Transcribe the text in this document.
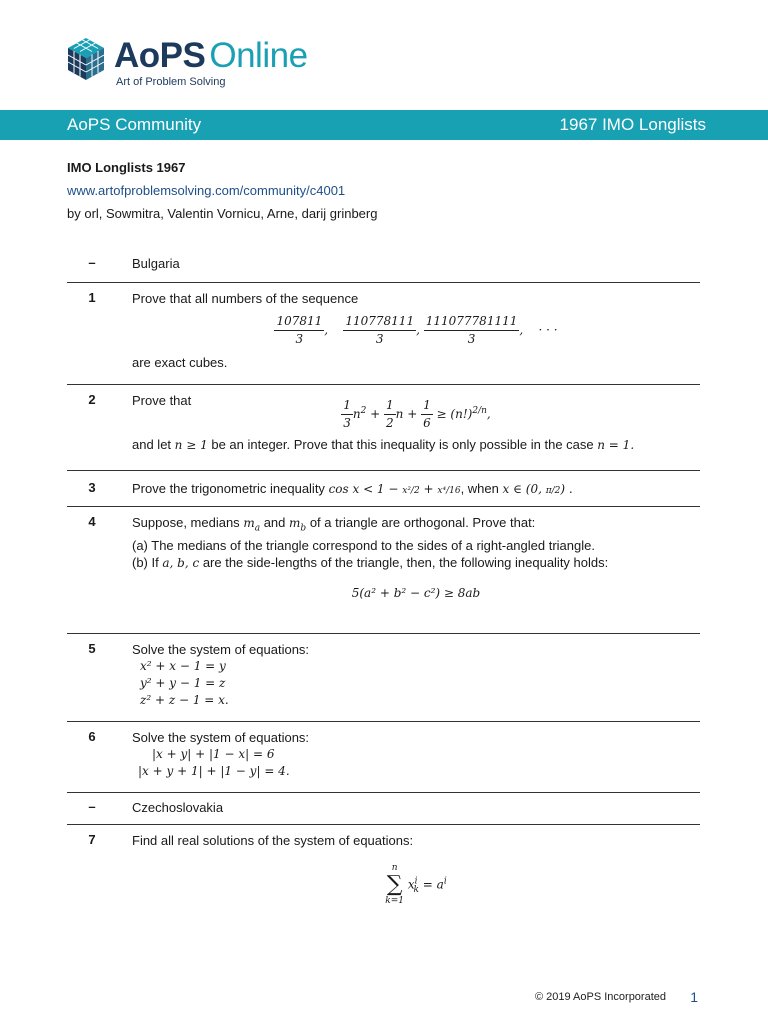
AoPS Online
Art of Problem Solving
AoPS Community	1967 IMO Longlists
IMO Longlists 1967
www.artofproblemsolving.com/community/c4001
by orl, Sowmitra, Valentin Vornicu, Arne, darij grinberg
–	Bulgaria
1	Prove that all numbers of the sequence
$\frac{107811}{3}$ , $\frac{110778111}{3}$ , $\frac{111077781111}{3}$ , · · ·
are exact cubes.
2	Prove that	$\frac{1}{3} n^2 + \frac{1}{2}$ $n + \frac{1}{6} \ge (n!)^{2/n}$,
and let n ≥ 1 be an integer. Prove that this inequality is only possible in the case n = 1.
3	Prove the trigonometric inequality cos x < 1 − x²/2 + x⁴/16, when x ∈ (0, π/2) .
4	Suppose, medians $m_a$ and $m_b$ of a triangle are orthogonal. Prove that:
(a) The medians of the triangle correspond to the sides of a right-angled triangle.
(b) If a, b, c are the side-lengths of the triangle, then, the following inequality holds:
5(a² + b² − c²) ≥ 8ab
5	Solve the system of equations:
x² + x − 1 = y
y² + y − 1 = z
z² + z − 1 = x.
6	Solve the system of equations:
|x + y| + |1 − x| = 6
|x + y + 1| + |1 − y| = 4.
–	Czechoslovakia
7	Find all real solutions of the system of equations:
n
∑
k=1
$x^i_k = a^i$
© 2019 AoPS Incorporated 1
